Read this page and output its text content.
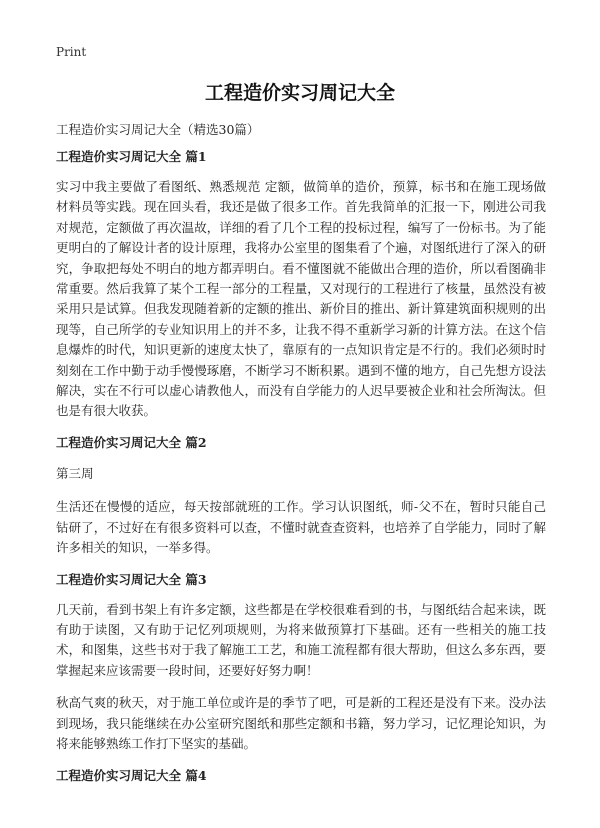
Print
工程造价实习周记大全
工程造价实习周记大全（精选30篇）
工程造价实习周记大全 篇1

实习中我主要做了看图纸、熟悉规范 定额，做简单的造价，预算，标书和在施工现场做材料员等实践。现在回头看，我还是做了很多工作。首先我简单的汇报一下，刚进公司我对规范，定额做了再次温故，详细的看了几个工程的投标过程，编写了一份标书。为了能更明白的了解设计者的设计原理，我将办公室里的图集看了个遍，对图纸进行了深入的研究，争取把每处不明白的地方都弄明白。看不懂图就不能做出合理的造价，所以看图确非常重要。然后我算了某个工程一部分的工程量，又对现行的工程进行了核量，虽然没有被采用只是试算。但我发现随着新的定额的推出、新价目的推出、新计算建筑面积规则的出现等，自己所学的专业知识用上的并不多，让我不得不重新学习新的计算方法。在这个信息爆炸的时代，知识更新的速度太快了，靠原有的一点知识肯定是不行的。我们必须时时刻刻在工作中勤于动手慢慢琢磨，不断学习不断积累。遇到不懂的地方，自己先想方设法解决，实在不行可以虚心请教他人，而没有自学能力的人迟早要被企业和社会所淘汰。但也是有很大收获。

工程造价实习周记大全 篇2

第三周

生活还在慢慢的适应，每天按部就班的工作。学习认识图纸，师-父不在，暂时只能自己钻研了，不过好在有很多资料可以查，不懂时就查查资料，也培养了自学能力，同时了解许多相关的知识，一举多得。

工程造价实习周记大全 篇3

几天前，看到书架上有许多定额，这些都是在学校很难看到的书，与图纸结合起来读，既有助于读图，又有助于记忆列项规则，为将来做预算打下基础。还有一些相关的施工技术，和图集，这些书对于我了解施工工艺，和施工流程都有很大帮助，但这么多东西，要掌握起来应该需要一段时间，还要好好努力啊！

秋高气爽的秋天，对于施工单位或许是的季节了吧，可是新的工程还是没有下来。没办法到现场，我只能继续在办公室研究图纸和那些定额和书籍，努力学习，记忆理论知识，为将来能够熟练工作打下坚实的基础。

工程造价实习周记大全 篇4
